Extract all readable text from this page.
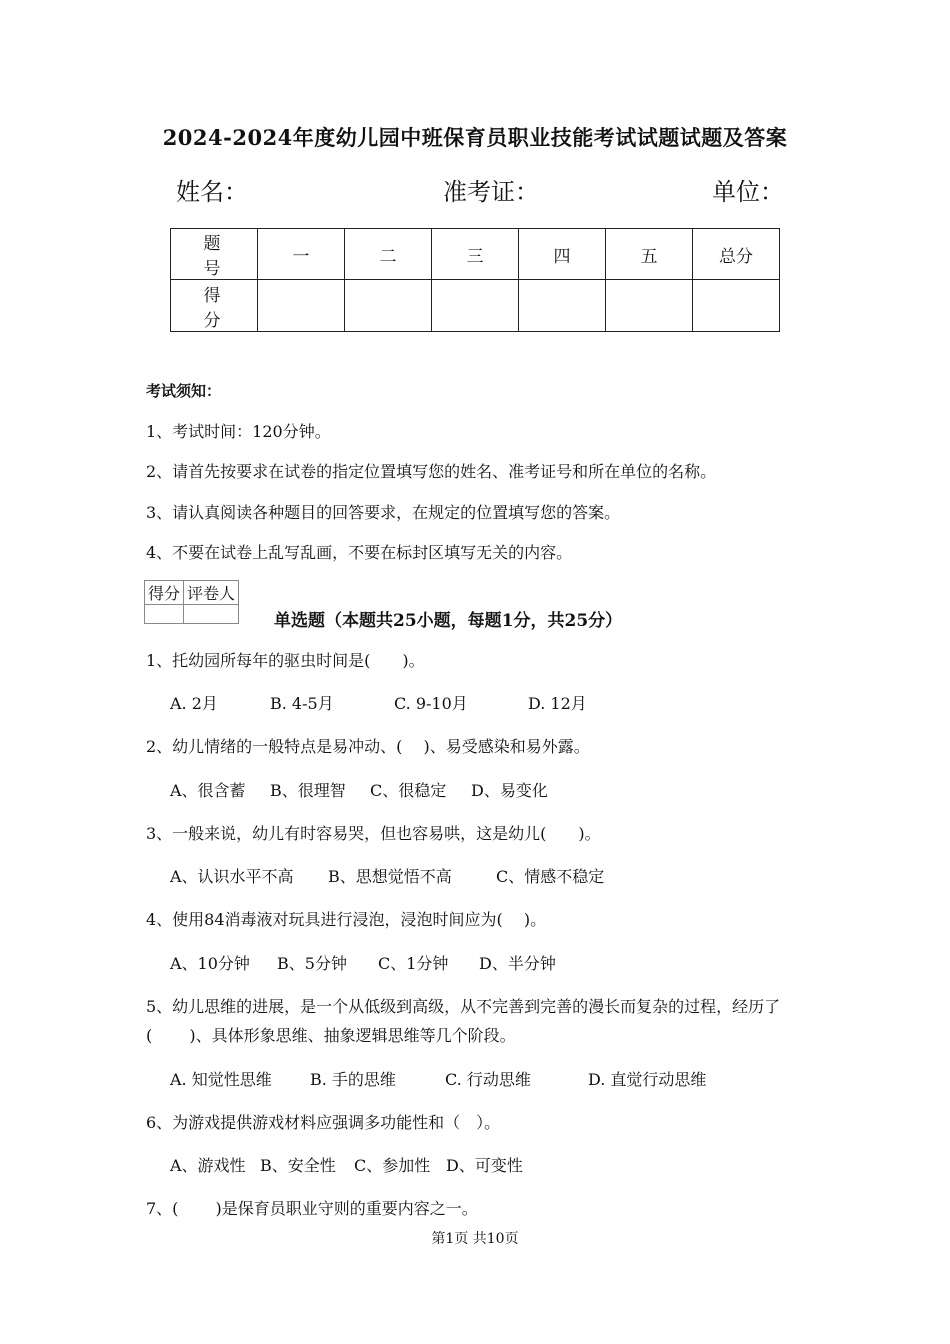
2024-2024年度幼儿园中班保育员职业技能考试试题试题及答案
姓名：	准考证：	单位：
题　号	一	二	三	四	五	总分
得　分						
考试须知：
1、考试时间：120分钟。
2、请首先按要求在试卷的指定位置填写您的姓名、准考证号和所在单位的名称。
3、请认真阅读各种题目的回答要求，在规定的位置填写您的答案。
4、不要在试卷上乱写乱画，不要在标封区填写无关的内容。
得分	评卷人

单选题（本题共25小题，每题1分，共25分）
1、托幼园所每年的驱虫时间是(　　)。
A. 2月	B. 4-5月	C. 9-10月	D. 12月
2、幼儿情绪的一般特点是易冲动、(　 )、易受感染和易外露。
A、很含蓄 B、很理智 C、很稳定 D、易变化
3、一般来说，幼儿有时容易哭，但也容易哄，这是幼儿(　　)。
A、认识水平不高 B、思想觉悟不高	C、情感不稳定
4、使用84消毒液对玩具进行浸泡，浸泡时间应为(　 )。
A、10分钟 B、5分钟 C、1分钟 D、半分钟
5、幼儿思维的进展，是一个从低级到高级，从不完善到完善的漫长而复杂的过程，经历了
(　　 )、具体形象思维、抽象逻辑思维等几个阶段。
A. 知觉性思维 B. 手的思维	C. 行动思维	D. 直觉行动思维
6、为游戏提供游戏材料应强调多功能性和（　）。
A、游戏性 B、安全性 C、参加性 D、可变性
7、(　　 )是保育员职业守则的重要内容之一。
第1页 共10页
